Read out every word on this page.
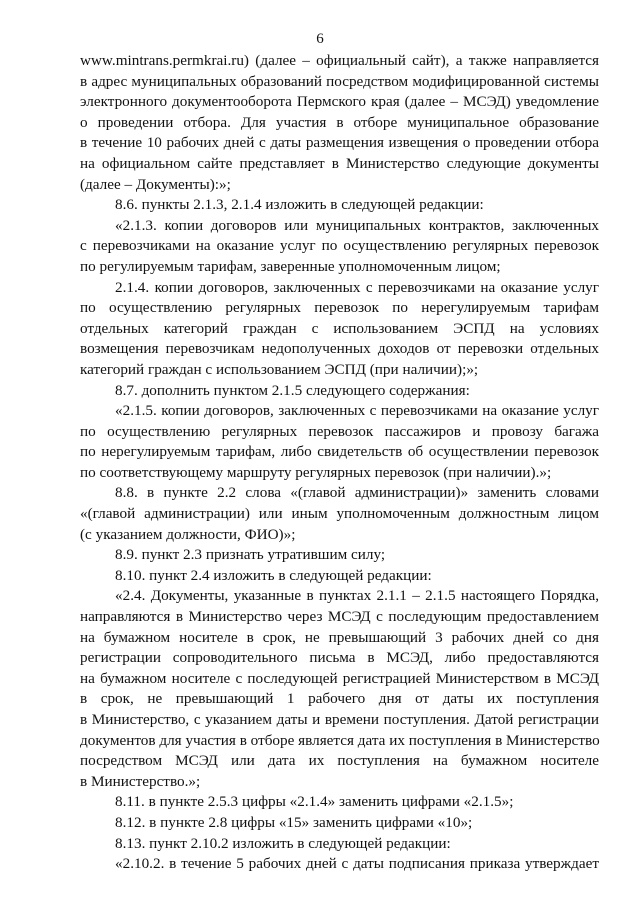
6
www.mintrans.permkrai.ru) (далее – официальный сайт), а также направляется
в адрес муниципальных образований посредством модифицированной системы
электронного документооборота Пермского края (далее – МСЭД) уведомление
о проведении отбора. Для участия в отборе муниципальное образование
в течение 10 рабочих дней с даты размещения извещения о проведении отбора
на официальном сайте представляет в Министерство следующие документы
(далее – Документы):»;
8.6. пункты 2.1.3, 2.1.4 изложить в следующей редакции:
«2.1.3. копии договоров или муниципальных контрактов, заключенных
с перевозчиками на оказание услуг по осуществлению регулярных перевозок
по регулируемым тарифам, заверенные уполномоченным лицом;
2.1.4. копии договоров, заключенных с перевозчиками на оказание услуг
по осуществлению регулярных перевозок по нерегулируемым тарифам
отдельных категорий граждан с использованием ЭСПД на условиях
возмещения перевозчикам недополученных доходов от перевозки отдельных
категорий граждан с использованием ЭСПД (при наличии);»;
8.7. дополнить пунктом 2.1.5 следующего содержания:
«2.1.5. копии договоров, заключенных с перевозчиками на оказание услуг
по осуществлению регулярных перевозок пассажиров и провозу багажа
по нерегулируемым тарифам, либо свидетельств об осуществлении перевозок
по соответствующему маршруту регулярных перевозок (при наличии).»;
8.8. в пункте 2.2 слова «(главой администрации)» заменить словами
«(главой администрации) или иным уполномоченным должностным лицом
(с указанием должности, ФИО)»;
8.9. пункт 2.3 признать утратившим силу;
8.10. пункт 2.4 изложить в следующей редакции:
«2.4. Документы, указанные в пунктах 2.1.1 – 2.1.5 настоящего Порядка,
направляются в Министерство через МСЭД с последующим предоставлением
на бумажном носителе в срок, не превышающий 3 рабочих дней со дня
регистрации сопроводительного письма в МСЭД, либо предоставляются
на бумажном носителе с последующей регистрацией Министерством в МСЭД
в срок, не превышающий 1 рабочего дня от даты их поступления
в Министерство, с указанием даты и времени поступления. Датой регистрации
документов для участия в отборе является дата их поступления в Министерство
посредством МСЭД или дата их поступления на бумажном носителе
в Министерство.»;
8.11. в пункте 2.5.3 цифры «2.1.4» заменить цифрами «2.1.5»;
8.12. в пункте 2.8 цифры «15» заменить цифрами «10»;
8.13. пункт 2.10.2 изложить в следующей редакции:
«2.10.2. в течение 5 рабочих дней с даты подписания приказа утверждает
